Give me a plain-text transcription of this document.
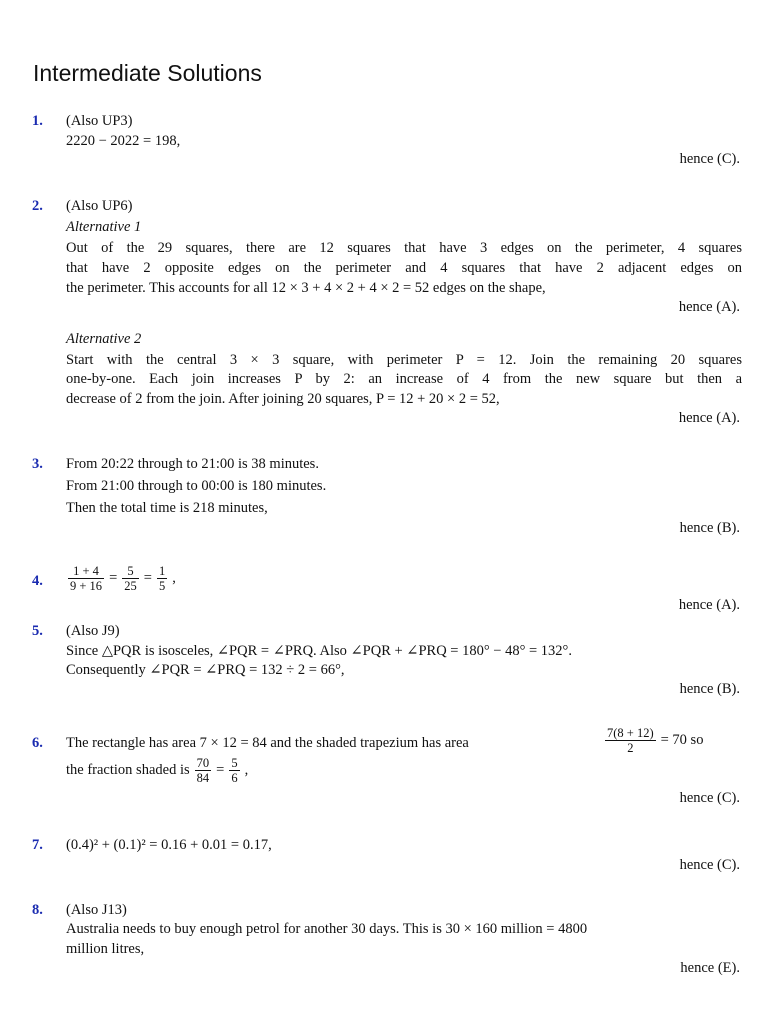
Intermediate Solutions
1. (Also UP3)
2220 − 2022 = 198,
hence (C).
2. (Also UP6)
Alternative 1
Out of the 29 squares, there are 12 squares that have 3 edges on the perimeter, 4 squares
that have 2 opposite edges on the perimeter and 4 squares that have 2 adjacent edges on
the perimeter. This accounts for all 12 × 3 + 4 × 2 + 4 × 2 = 52 edges on the shape,
hence (A).
Alternative 2
Start with the central 3 × 3 square, with perimeter P = 12. Join the remaining 20 squares
one-by-one. Each join increases P by 2: an increase of 4 from the new square but then a
decrease of 2 from the join. After joining 20 squares, P = 12 + 20 × 2 = 52,
hence (A).
3. From 20:22 through to 21:00 is 38 minutes.
From 21:00 through to 00:00 is 180 minutes.
Then the total time is 218 minutes,
hence (B).
4. $\frac{1 + 4}{9 + 16} = \frac{5}{25} = \frac{1}{5}$ ,
hence (A).
5. (Also J9)
Since △PQR is isosceles, ∠PQR = ∠PRQ. Also ∠PQR + ∠PRQ = 180° − 48° = 132°.
Consequently ∠PQR = ∠PRQ = 132 ÷ 2 = 66°,
hence (B).
6. The rectangle has area 7 × 12 = 84 and the shaded trapezium has area	$\frac{7(8 + 12)}{2} = 70$ so
the fraction shaded is $\frac{70}{84} = \frac{5}{6}$ ,
hence (C).
7. (0.4)² + (0.1)² = 0.16 + 0.01 = 0.17,
hence (C).
8. (Also J13)
Australia needs to buy enough petrol for another 30 days. This is 30 × 160 million = 4800
million litres,
hence (E).
